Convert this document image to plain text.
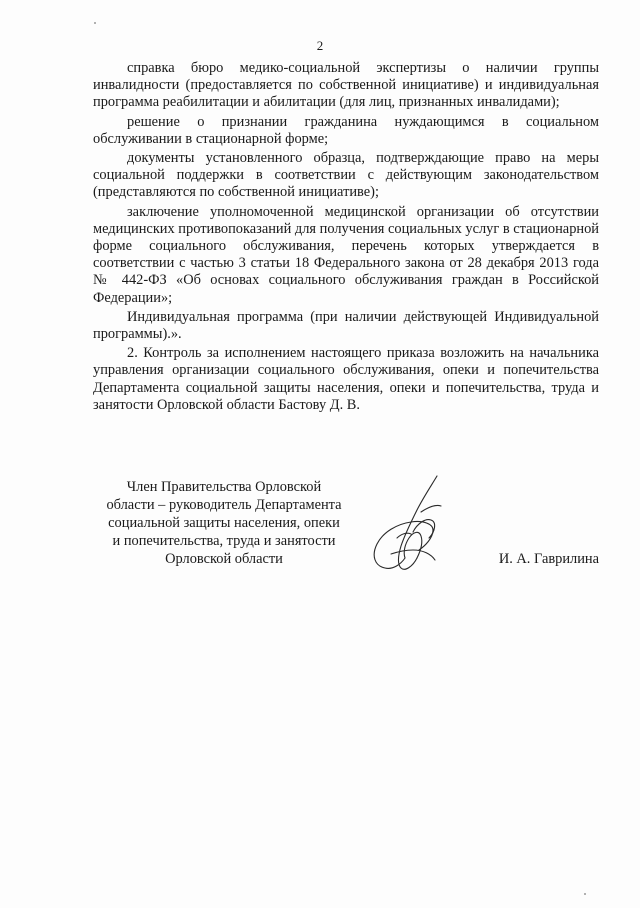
2

справка бюро медико-социальной экспертизы о наличии группы инвалидности (предоставляется по собственной инициативе) и индивидуальная программа реабилитации и абилитации (для лиц, признанных инвалидами);

решение о признании гражданина нуждающимся в социальном обслуживании в стационарной форме;

документы установленного образца, подтверждающие право на меры социальной поддержки в соответствии с действующим законодательством (представляются по собственной инициативе);

заключение уполномоченной медицинской организации об отсутствии медицинских противопоказаний для получения социальных услуг в стационарной форме социального обслуживания, перечень которых утверждается в соответствии с частью 3 статьи 18 Федерального закона от 28 декабря 2013 года № 442-ФЗ «Об основах социального обслуживания граждан в Российской Федерации»;

Индивидуальная программа (при наличии действующей Индивидуальной программы).».

2. Контроль за исполнением настоящего приказа возложить на начальника управления организации социального обслуживания, опеки и попечительства Департамента социальной защиты населения, опеки и попечительства, труда и занятости Орловской области Бастову Д. В.

Член Правительства Орловской
области – руководитель Департамента
социальной защиты населения, опеки
и попечительства, труда и занятости
Орловской области	И. А. Гаврилина
